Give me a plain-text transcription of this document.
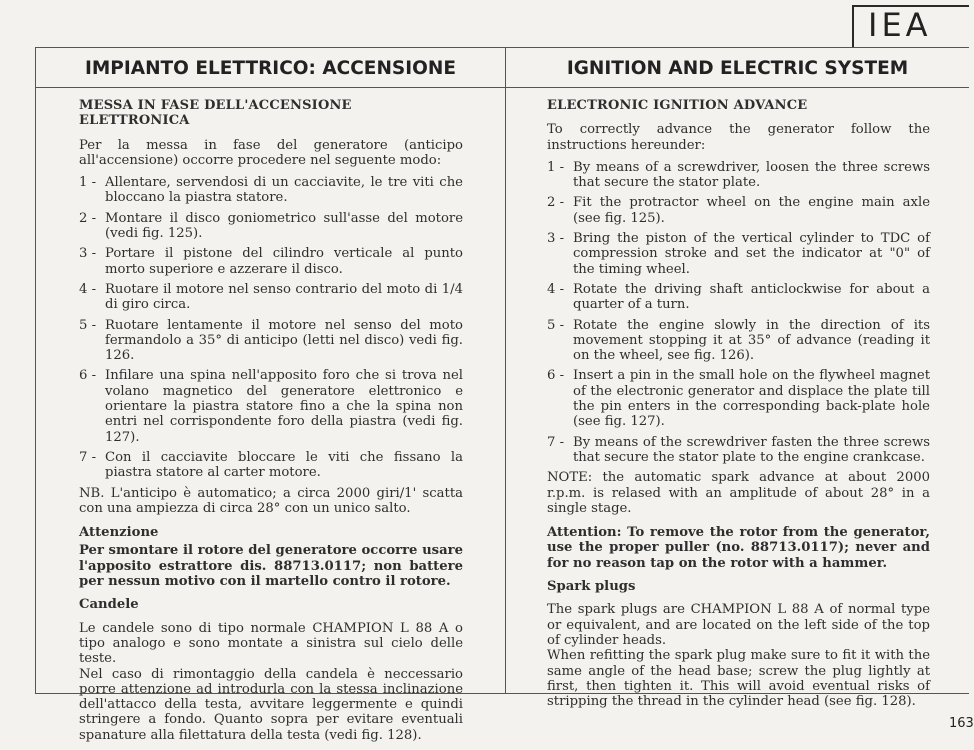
IEA
IMPIANTO ELETTRICO: ACCENSIONE	IGNITION AND ELECTRIC SYSTEM
MESSA IN FASE DELL'ACCENSIONE ELETTRONICA
Per la messa in fase del generatore (anticipo all'accensione) occorre procedere nel seguente modo:
1 - Allentare, servendosi di un cacciavite, le tre viti che bloccano la piastra statore.
2 - Montare il disco goniometrico sull'asse del motore (vedi fig. 125).
3 - Portare il pistone del cilindro verticale al punto morto superiore e azzerare il disco.
4 - Ruotare il motore nel senso contrario del moto di 1/4 di giro circa.
5 - Ruotare lentamente il motore nel senso del moto fermandolo a 35° di anticipo (letti nel disco) vedi fig. 126.
6 - Infilare una spina nell'apposito foro che si trova nel volano magnetico del generatore elettronico e orientare la piastra statore fino a che la spina non entri nel corrispondente foro della piastra (vedi fig. 127).
7 - Con il cacciavite bloccare le viti che fissano la piastra statore al carter motore.
NB. L'anticipo è automatico; a circa 2000 giri/1' scatta con una ampiezza di circa 28° con un unico salto.
Attenzione
Per smontare il rotore del generatore occorre usare l'apposito estrattore dis. 88713.0117; non battere per nessun motivo con il martello contro il rotore.
Candele
Le candele sono di tipo normale CHAMPION L 88 A o tipo analogo e sono montate a sinistra sul cielo delle teste.
Nel caso di rimontaggio della candela è neccessario porre attenzione ad introdurla con la stessa inclinazione dell'attacco della testa, avvitare leggermente e quindi stringere a fondo. Quanto sopra per evitare eventuali spanature alla filettatura della testa (vedi fig. 128).
ELECTRONIC IGNITION ADVANCE
To correctly advance the generator follow the instructions hereunder:
1 - By means of a screwdriver, loosen the three screws that secure the stator plate.
2 - Fit the protractor wheel on the engine main axle (see fig. 125).
3 - Bring the piston of the vertical cylinder to TDC of compression stroke and set the indicator at "0" of the timing wheel.
4 - Rotate the driving shaft anticlockwise for about a quarter of a turn.
5 - Rotate the engine slowly in the direction of its movement stopping it at 35° of advance (reading it on the wheel, see fig. 126).
6 - Insert a pin in the small hole on the flywheel magnet of the electronic generator and displace the plate till the pin enters in the corresponding back-plate hole (see fig. 127).
7 - By means of the screwdriver fasten the three screws that secure the stator plate to the engine crankcase.
NOTE: the automatic spark advance at about 2000 r.p.m. is relased with an amplitude of about 28° in a single stage.
Attention: To remove the rotor from the generator, use the proper puller (no. 88713.0117); never and for no reason tap on the rotor with a hammer.
Spark plugs
The spark plugs are CHAMPION L 88 A of normal type or equivalent, and are located on the left side of the top of cylinder heads.
When refitting the spark plug make sure to fit it with the same angle of the head base; screw the plug lightly at first, then tighten it. This will avoid eventual risks of stripping the thread in the cylinder head (see fig. 128).
163
